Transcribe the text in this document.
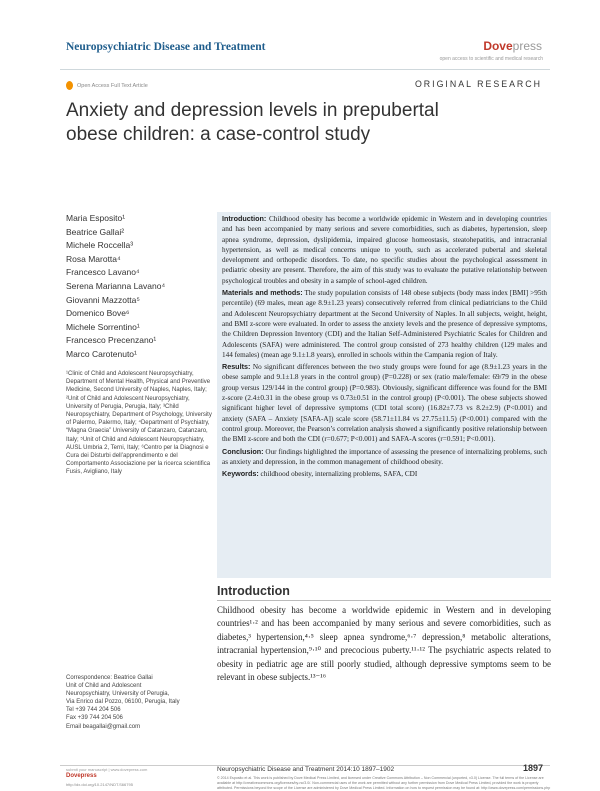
Neuropsychiatric Disease and Treatment	Dovepress
open access to scientific and medical research
Open Access Full Text Article	ORIGINAL RESEARCH
Anxiety and depression levels in prepubertal obese children: a case-control study
Maria Esposito¹
Beatrice Gallai²
Michele Roccella³
Rosa Marotta⁴
Francesco Lavano⁴
Serena Marianna Lavano⁴
Giovanni Mazzotta⁵
Domenico Bove⁶
Michele Sorrentino¹
Francesco Precenzano¹
Marco Carotenuto¹
¹Clinic of Child and Adolescent Neuropsychiatry, Department of Mental Health, Physical and Preventive Medicine, Second University of Naples, Naples, Italy; ²Unit of Child and Adolescent Neuropsychiatry, University of Perugia, Perugia, Italy; ³Child Neuropsychiatry, Department of Psychology, University of Palermo, Palermo, Italy; ⁴Department of Psychiatry, “Magna Graecia” University of Catanzaro, Catanzaro, Italy; ⁵Unit of Child and Adolescent Neuropsychiatry, AUSL Umbria 2, Terni, Italy; ⁶Centro per la Diagnosi e Cura dei Disturbi dell’apprendimento e del Comportamento Associazione per la ricerca scientifica Fusis, Avigliano, Italy
Correspondence: Beatrice Gallai
Unit of Child and Adolescent
Neuropsychiatry, University of Perugia,
Via Enrico dal Pozzo, 06100, Perugia, Italy
Tel +39 744 204 506
Fax +39 744 204 506
Email beagallai@gmail.com

Introduction: Childhood obesity has become a worldwide epidemic in Western and in developing countries and has been accompanied by many serious and severe comorbidities, such as diabetes, hypertension, sleep apnea syndrome, depression, dyslipidemia, impaired glucose homeostasis, steatohepatitis, and intracranial hypertension, as well as medical concerns unique to youth, such as accelerated pubertal and skeletal development and orthopedic disorders. To date, no specific studies about the psychological assessment in pediatric obesity are present. Therefore, the aim of this study was to evaluate the putative relationship between psychological troubles and obesity in a sample of school-aged children.

Materials and methods: The study population consists of 148 obese subjects (body mass index [BMI] >95th percentile) (69 males, mean age 8.9±1.23 years) consecutively referred from clinical pediatricians to the Child and Adolescent Neuropsychiatry department at the Second University of Naples. In all subjects, weight, height, and BMI z-score were evaluated. In order to assess the anxiety levels and the presence of depressive symptoms, the Children Depression Inventory (CDI) and the Italian Self-Administered Psychiatric Scales for Children and Adolescents (SAFA) were administered. The control group consisted of 273 healthy children (129 males and 144 females) (mean age 9.1±1.8 years), enrolled in schools within the Campania region of Italy.

Results: No significant differences between the two study groups were found for age (8.9±1.23 years in the obese sample and 9.1±1.8 years in the control group) (P=0.228) or sex (ratio male/female: 69/79 in the obese group versus 129/144 in the control group) (P=0.983). Obviously, significant difference was found for the BMI z-score (2.4±0.31 in the obese group vs 0.73±0.51 in the control group) (P<0.001). The obese subjects showed significant higher level of depressive symptoms (CDI total score) (16.82±7.73 vs 8.2±2.9) (P<0.001) and anxiety (SAFA – Anxiety [SAFA-A]) scale score (58.71±11.84 vs 27.75±11.5) (P<0.001) compared with the control group. Moreover, the Pearson’s correlation analysis showed a significantly positive relationship between the BMI z-score and both the CDI (r=0.677; P<0.001) and SAFA-A scores (r=0.591; P<0.001).

Conclusion: Our findings highlighted the importance of assessing the presence of internalizing problems, such as anxiety and depression, in the common management of childhood obesity.

Keywords: childhood obesity, internalizing problems, SAFA, CDI

Introduction
Childhood obesity has become a worldwide epidemic in Western and in developing countries¹·² and has been accompanied by many serious and severe comorbidities, such as diabetes,³ hypertension,⁴·⁵ sleep apnea syndrome,⁶·⁷ depression,⁸ metabolic alterations, intracranial hypertension,⁹·¹⁰ and precocious puberty.¹¹·¹² The psychiatric aspects related to obesity in pediatric age are still poorly studied, although depressive symptoms seem to be relevant in obese subjects.¹³⁻¹⁶
submit your manuscript | www.dovepress.com	Neuropsychiatric Disease and Treatment 2014:10 1897–1902	1897
Dovepress
http://dx.doi.org/10.2147/NDT.S66795
© 2014 Esposito et al. This work is published by Dove Medical Press Limited, and licensed under Creative Commons Attribution – Non Commercial (unported, v3.0) License. The full terms of the License are available at http://creativecommons.org/licenses/by-nc/3.0/. Non-commercial uses of the work are permitted without any further permission from Dove Medical Press Limited, provided the work is properly attributed. Permissions beyond the scope of the License are administered by Dove Medical Press Limited. Information on how to request permission may be found at: http://www.dovepress.com/permissions.php
